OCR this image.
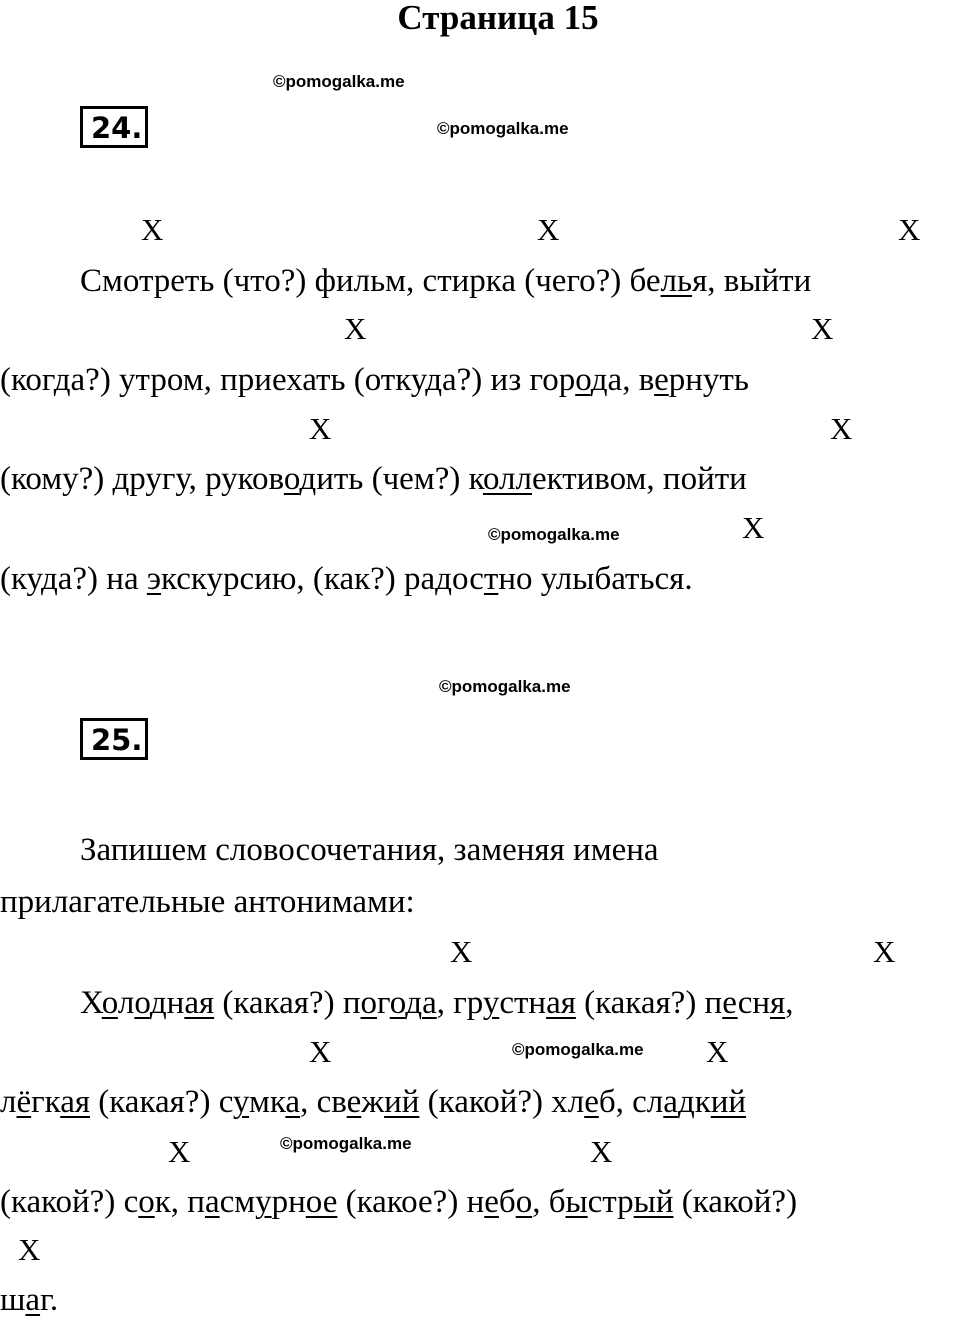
Страница 15
©pomogalka.me
©pomogalka.me
©pomogalka.me
©pomogalka.me
©pomogalka.me
©pomogalka.me
24.
X	X	X
Смотреть (что?) фильм, стирка (чего?) белья, выйти
X	X
(когда?) утром, приехать (откуда?) из города, вернуть
X	X
(кому?) другу, руководить (чем?) коллективом, пойти
X
(куда?) на экскурсию, (как?) радостно улыбаться.
25.
Запишем словосочетания, заменяя имена
прилагательные антонимами:
X	X
Холодная (какая?) погода, грустная (какая?) песня,
X	X
лёгкая (какая?) сумка, свежий (какой?) хлеб, сладкий
X	X
(какой?) сок, пасмурное (какое?) небо, быстрый (какой?)
X
шаг.
